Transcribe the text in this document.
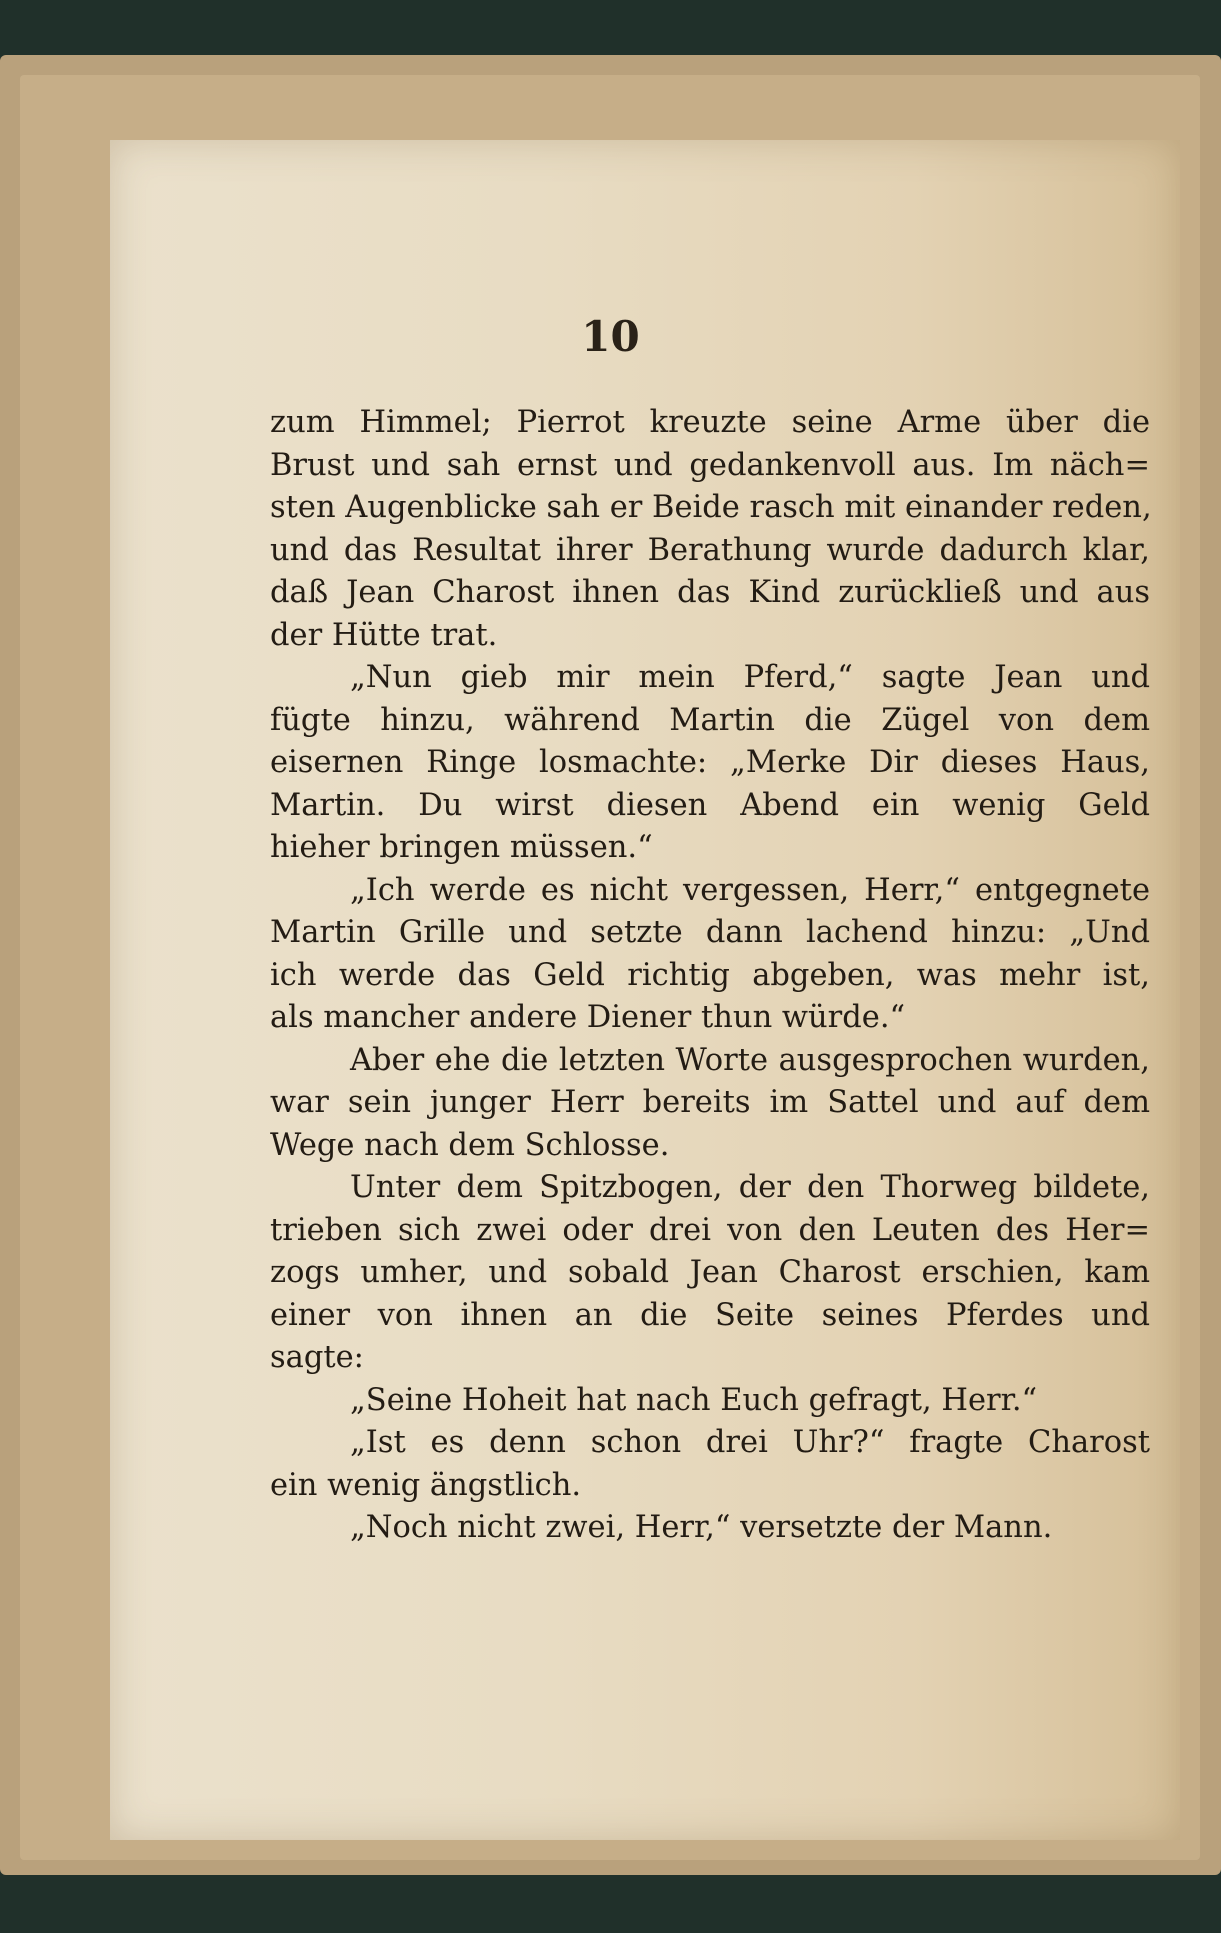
10
zum Himmel; Pierrot kreuzte seine Arme über die
Brust und sah ernst und gedankenvoll aus. Im näch=
sten Augenblicke sah er Beide rasch mit einander reden,
und das Resultat ihrer Berathung wurde dadurch klar,
daß Jean Charost ihnen das Kind zurückließ und aus
der Hütte trat.
„Nun gieb mir mein Pferd,“ sagte Jean und
fügte hinzu, während Martin die Zügel von dem
eisernen Ringe losmachte: „Merke Dir dieses Haus,
Martin. Du wirst diesen Abend ein wenig Geld
hieher bringen müssen.“
„Ich werde es nicht vergessen, Herr,“ entgegnete
Martin Grille und setzte dann lachend hinzu: „Und
ich werde das Geld richtig abgeben, was mehr ist,
als mancher andere Diener thun würde.“
Aber ehe die letzten Worte ausgesprochen wurden,
war sein junger Herr bereits im Sattel und auf dem
Wege nach dem Schlosse.
Unter dem Spitzbogen, der den Thorweg bildete,
trieben sich zwei oder drei von den Leuten des Her=
zogs umher, und sobald Jean Charost erschien, kam
einer von ihnen an die Seite seines Pferdes und
sagte:
„Seine Hoheit hat nach Euch gefragt, Herr.“
„Ist es denn schon drei Uhr?“ fragte Charost
ein wenig ängstlich.
„Noch nicht zwei, Herr,“ versetzte der Mann.
